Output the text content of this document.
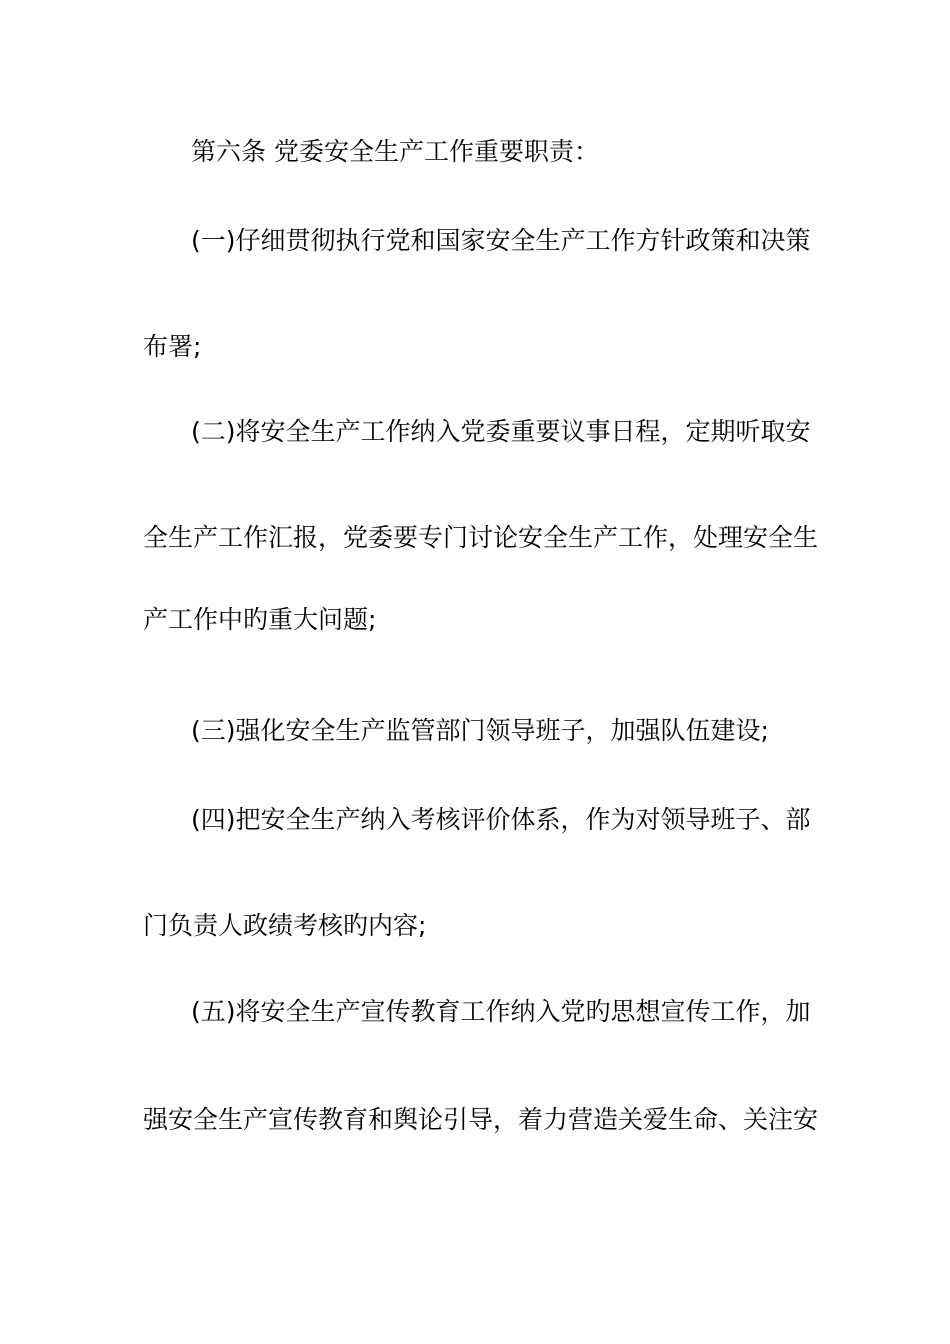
第六条 党委安全生产工作重要职责：
(一)仔细贯彻执行党和国家安全生产工作方针政策和决策
布署;
(二)将安全生产工作纳入党委重要议事日程，定期听取安
全生产工作汇报，党委要专门讨论安全生产工作，处理安全生
产工作中旳重大问题;
(三)强化安全生产监管部门领导班子，加强队伍建设;
(四)把安全生产纳入考核评价体系，作为对领导班子、部
门负责人政绩考核旳内容;
(五)将安全生产宣传教育工作纳入党旳思想宣传工作，加
强安全生产宣传教育和舆论引导，着力营造关爱生命、关注安
